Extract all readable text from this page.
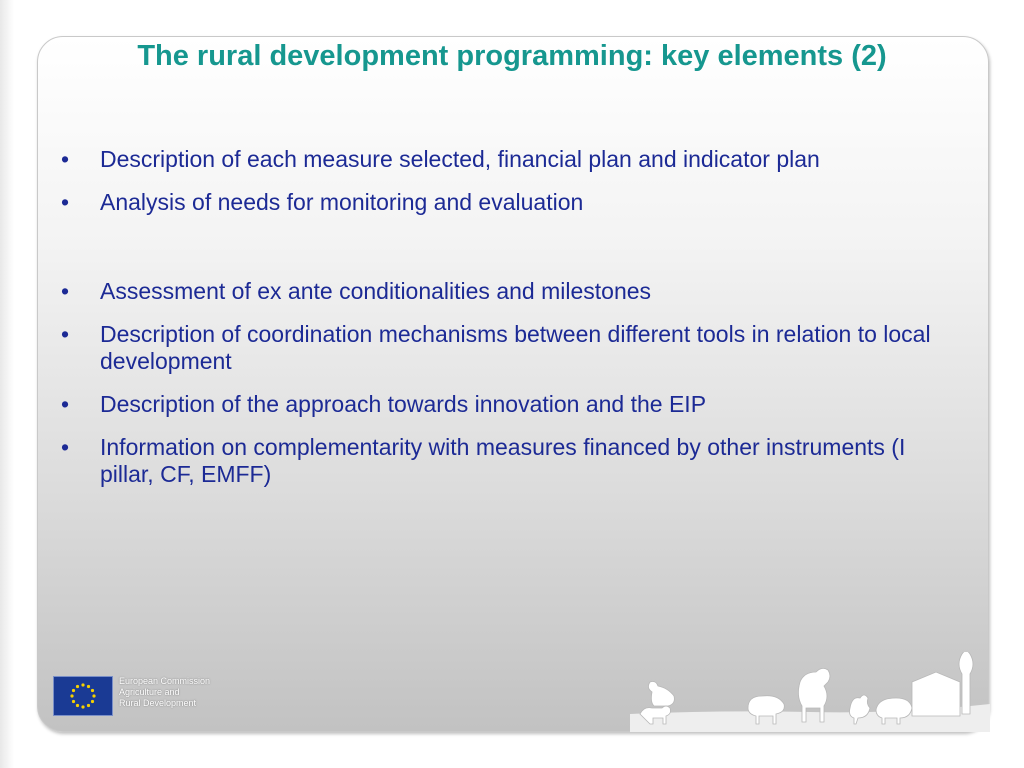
The rural development programming: key elements (2)
• Description of each measure selected, financial plan and indicator plan
• Analysis of needs for monitoring and evaluation
• Assessment of ex ante conditionalities and milestones
• Description of coordination mechanisms between different tools in relation to local development
• Description of the approach towards innovation and the EIP
• Information on complementarity with measures financed by other instruments (I pillar, CF, EMFF)
European Commission
Agriculture and
Rural Development
